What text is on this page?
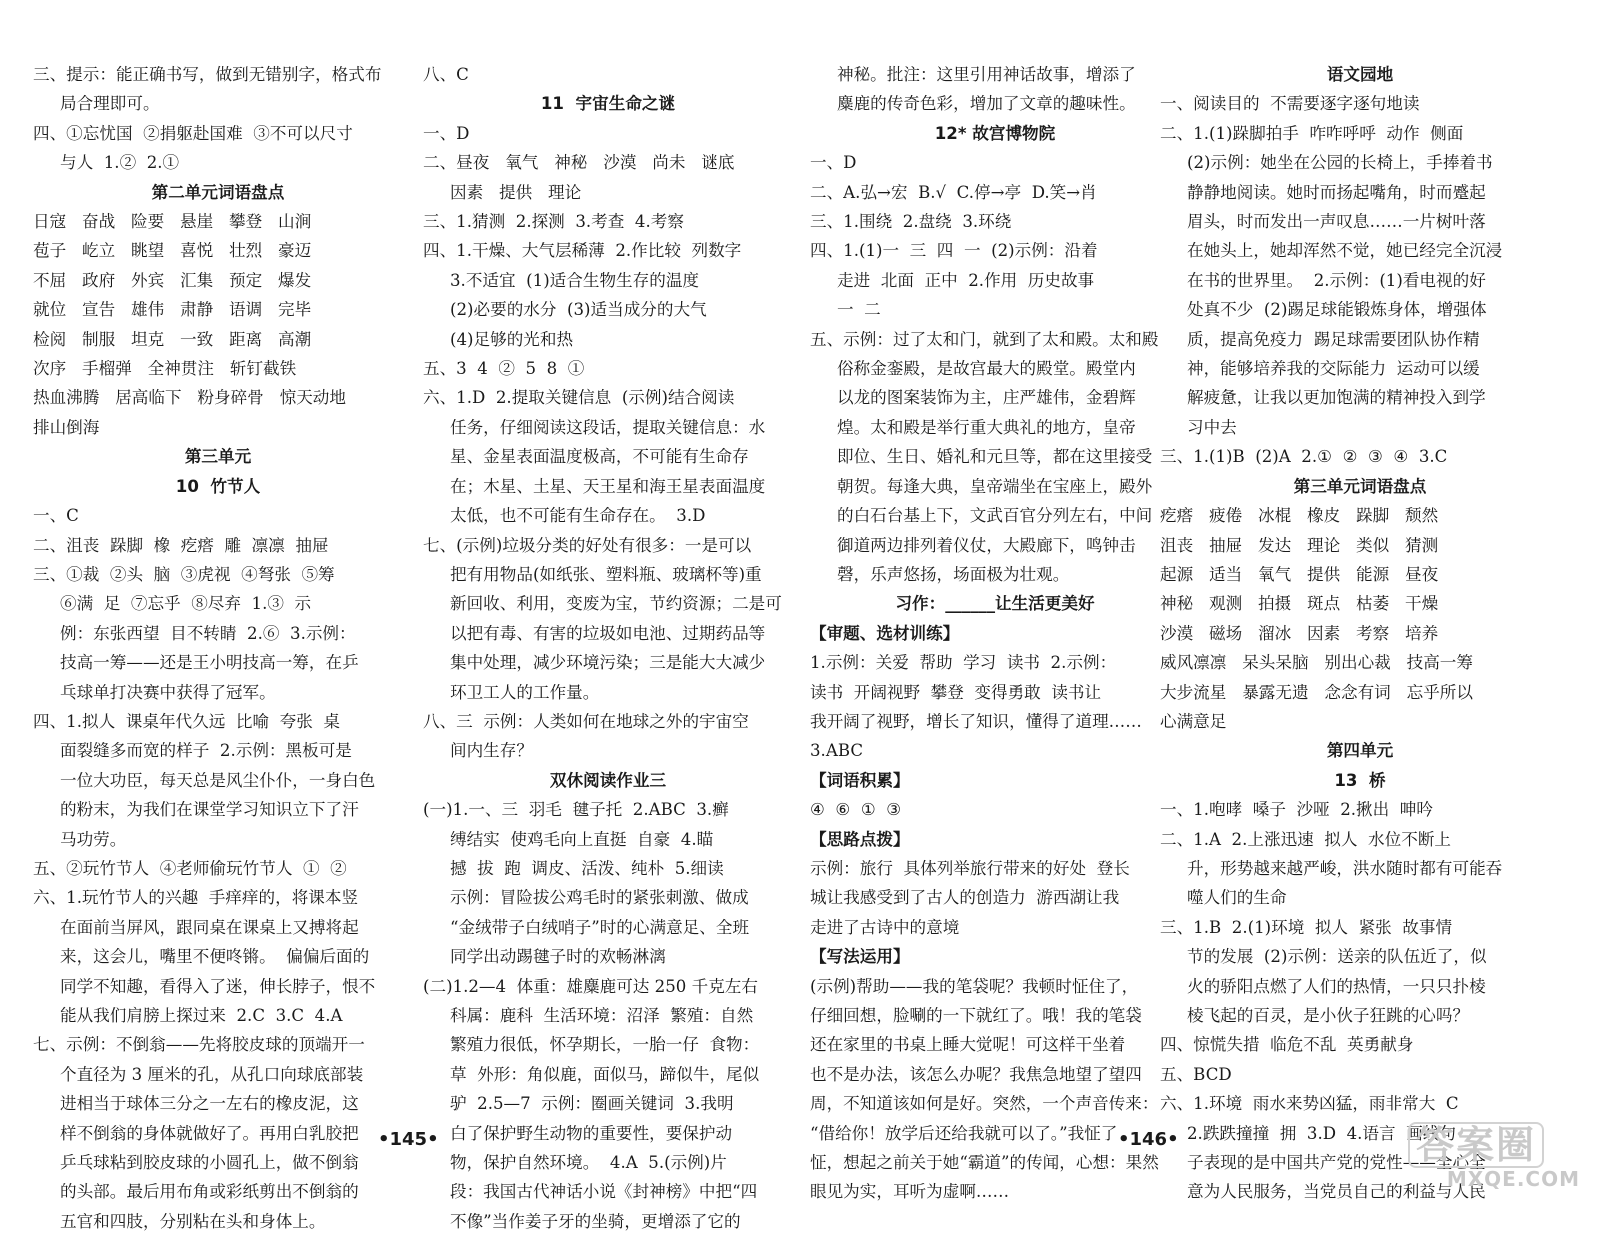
三、提示：能正确书写，做到无错别字，格式布

局合理即可。

四、①忘忧国  ②捐躯赴国难  ③不可以尺寸

与人  1.②  2.①

第二单元词语盘点

日寇   奋战   险要   悬崖   攀登   山涧

苞子   屹立   眺望   喜悦   壮烈   豪迈

不屈   政府   外宾   汇集   预定   爆发

就位   宣告   雄伟   肃静   语调   完毕

检阅   制服   坦克   一致   距离   高潮

次序   手榴弹   全神贯注   斩钉截铁

热血沸腾   居高临下   粉身碎骨   惊天动地

排山倒海

第三单元

10  竹节人

一、C

二、沮丧  跺脚  橡  疙瘩  雕  凛凛  抽屉

三、①裁  ②头  脑  ③虎视  ④弩张  ⑤筹

⑥满  足  ⑦忘乎  ⑧尽弃  1.③  示

例：东张西望  目不转睛  2.⑥  3.示例：

技高一筹——还是王小明技高一筹，在乒

乓球单打决赛中获得了冠军。

四、1.拟人  课桌年代久远  比喻  夸张  桌

面裂缝多而宽的样子  2.示例：黑板可是

一位大功臣，每天总是风尘仆仆，一身白色

的粉末，为我们在课堂学习知识立下了汗

马功劳。

五、②玩竹节人  ④老师偷玩竹节人  ①  ②

六、1.玩竹节人的兴趣  手痒痒的，将课本竖

在面前当屏风，跟同桌在课桌上又搏将起

来，这会儿，嘴里不便咚锵。  偏偏后面的

同学不知趣，看得入了迷，伸长脖子，恨不

能从我们肩膀上探过来  2.C  3.C  4.A

七、示例：不倒翁——先将胶皮球的顶端开一

个直径为 3 厘米的孔，从孔口向球底部装

进相当于球体三分之一左右的橡皮泥，这

样不倒翁的身体就做好了。再用白乳胶把

乒乓球粘到胶皮球的小圆孔上，做不倒翁

的头部。最后用布角或彩纸剪出不倒翁的

五官和四肢，分别粘在头和身体上。

八、C

11  宇宙生命之谜

一、D

二、昼夜   氧气   神秘   沙漠   尚未   谜底

因素   提供   理论

三、1.猜测  2.探测  3.考查  4.考察

四、1.干燥、大气层稀薄  2.作比较  列数字

3.不适宜  (1)适合生物生存的温度

(2)必要的水分  (3)适当成分的大气

(4)足够的光和热

五、3  4  ②  5  8  ①

六、1.D  2.提取关键信息  (示例)结合阅读

任务，仔细阅读这段话，提取关键信息：水

星、金星表面温度极高，不可能有生命存

在；木星、土星、天王星和海王星表面温度

太低，也不可能有生命存在。  3.D

七、(示例)垃圾分类的好处有很多：一是可以

把有用物品(如纸张、塑料瓶、玻璃杯等)重

新回收、利用，变废为宝，节约资源；二是可

以把有毒、有害的垃圾如电池、过期药品等

集中处理，减少环境污染；三是能大大减少

环卫工人的工作量。

八、三  示例：人类如何在地球之外的宇宙空

间内生存？

双休阅读作业三

(一)1.一、三  羽毛  毽子托  2.ABC  3.癣

缚结实  使鸡毛向上直挺  自豪  4.瞄

撼  拔  跑  调皮、活泼、纯朴  5.细读

示例：冒险拔公鸡毛时的紧张刺激、做成

“金绒带子白绒哨子”时的心满意足、全班

同学出动踢毽子时的欢畅淋漓

(二)1.2—4  体重：雄麋鹿可达 250 千克左右

科属：鹿科  生活环境：沼泽  繁殖：自然

繁殖力很低，怀孕期长，一胎一仔  食物：

草  外形：角似鹿，面似马，蹄似牛，尾似

驴  2.5—7  示例：圈画关键词  3.我明

白了保护野生动物的重要性，要保护动

物，保护自然环境。  4.A  5.(示例)片

段：我国古代神话小说《封神榜》中把“四

不像”当作姜子牙的坐骑，更增添了它的

神秘。批注：这里引用神话故事，增添了

麋鹿的传奇色彩，增加了文章的趣味性。

12* 故宫博物院

一、D

二、A.弘→宏  B.√  C.停→亭  D.笑→肖

三、1.围绕  2.盘绕  3.环绕

四、1.(1)一  三  四  一  (2)示例：沿着

走进  北面  正中  2.作用  历史故事

一  二

五、示例：过了太和门，就到了太和殿。太和殿

俗称金銮殿，是故宫最大的殿堂。殿堂内

以龙的图案装饰为主，庄严雄伟，金碧辉

煌。太和殿是举行重大典礼的地方，皇帝

即位、生日、婚礼和元旦等，都在这里接受

朝贺。每逢大典，皇帝端坐在宝座上，殿外

的白石台基上下，文武百官分列左右，中间

御道两边排列着仪仗，大殿廊下，鸣钟击

磬，乐声悠扬，场面极为壮观。

习作：______让生活更美好

【审题、选材训练】

1.示例：关爱  帮助  学习  读书  2.示例：

读书  开阔视野  攀登  变得勇敢  读书让

我开阔了视野，增长了知识，懂得了道理……

3.ABC

【词语积累】

④  ⑥  ①  ③

【思路点拨】

示例：旅行  具体列举旅行带来的好处  登长

城让我感受到了古人的创造力  游西湖让我

走进了古诗中的意境

【写法运用】

(示例)帮助——我的笔袋呢？我顿时怔住了，

仔细回想，脸唰的一下就红了。哦！我的笔袋

还在家里的书桌上睡大觉呢！可这样干坐着

也不是办法，该怎么办呢？我焦急地望了望四

周，不知道该如何是好。突然，一个声音传来：

“借给你！放学后还给我就可以了。”我怔了

怔，想起之前关于她“霸道”的传闻，心想：果然

眼见为实，耳听为虚啊……

语文园地

一、阅读目的  不需要逐字逐句地读

二、1.(1)跺脚拍手  咋咋呼呼  动作  侧面

(2)示例：她坐在公园的长椅上，手捧着书

静静地阅读。她时而扬起嘴角，时而蹙起

眉头，时而发出一声叹息……一片树叶落

在她头上，她却浑然不觉，她已经完全沉浸

在书的世界里。  2.示例：(1)看电视的好

处真不少  (2)踢足球能锻炼身体，增强体

质，提高免疫力  踢足球需要团队协作精

神，能够培养我的交际能力  运动可以缓

解疲惫，让我以更加饱满的精神投入到学

习中去

三、1.(1)B  (2)A  2.①  ②  ③  ④  3.C

第三单元词语盘点

疙瘩   疲倦   冰棍   橡皮   跺脚   颓然

沮丧   抽屉   发达   理论   类似   猜测

起源   适当   氧气   提供   能源   昼夜

神秘   观测   拍摄   斑点   枯萎   干燥

沙漠   磁场   溜冰   因素   考察   培养

威风凛凛   呆头呆脑   别出心裁   技高一筹

大步流星   暴露无遗   念念有词   忘乎所以

心满意足

第四单元

13  桥

一、1.咆哮  嗓子  沙哑  2.揪出  呻吟

二、1.A  2.上涨迅速  拟人  水位不断上

升，形势越来越严峻，洪水随时都有可能吞

噬人们的生命

三、1.B  2.(1)环境  拟人  紧张  故事情

节的发展  (2)示例：送亲的队伍近了，似

火的骄阳点燃了人们的热情，一只只扑棱

棱飞起的百灵，是小伙子狂跳的心吗？

四、惊慌失措  临危不乱  英勇献身

五、BCD

六、1.环境  雨水来势凶猛，雨非常大  C

2.跌跌撞撞  拥  3.D  4.语言  画线句

子表现的是中国共产党的党性——全心全

意为人民服务，当党员自己的利益与人民

•145•	•146•	答案圈
MXQE.COM
